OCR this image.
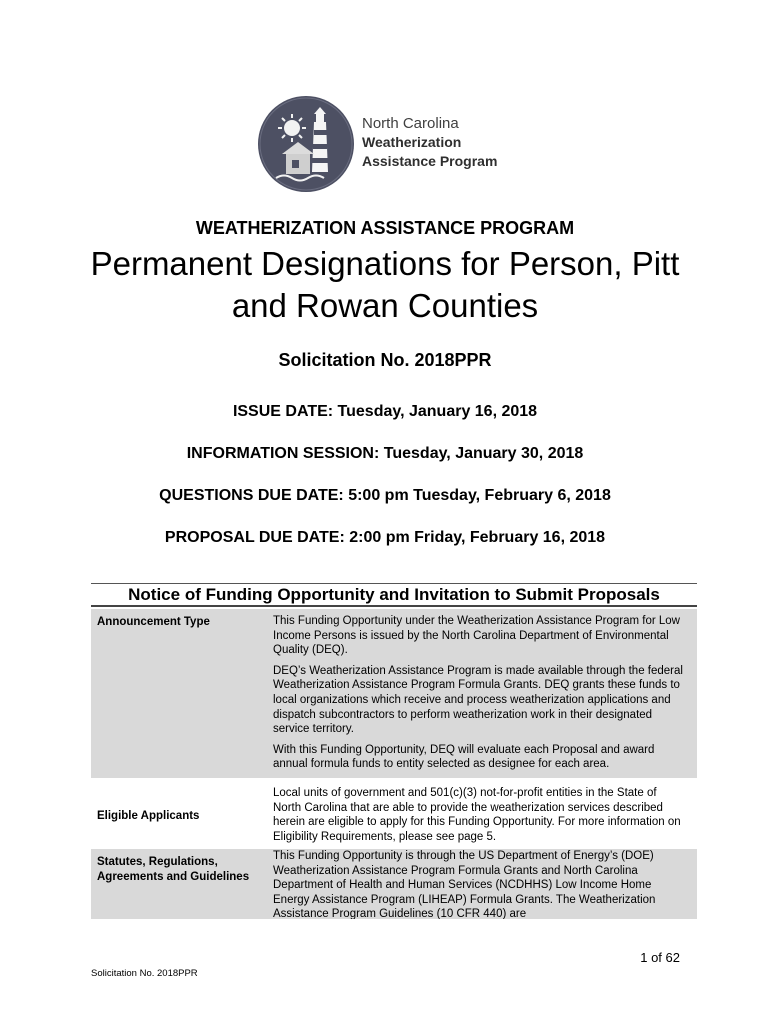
North Carolina
Weatherization
Assistance Program
WEATHERIZATION ASSISTANCE PROGRAM
Permanent Designations for Person, Pitt
and Rowan Counties
Solicitation No. 2018PPR
ISSUE DATE: Tuesday, January 16, 2018
INFORMATION SESSION: Tuesday, January 30, 2018
QUESTIONS DUE DATE: 5:00 pm Tuesday, February 6, 2018
PROPOSAL DUE DATE: 2:00 pm Friday, February 16, 2018
Notice of Funding Opportunity and Invitation to Submit Proposals
Announcement Type	This Funding Opportunity under the Weatherization Assistance Program for Low Income Persons is issued by the North Carolina Department of Environmental Quality (DEQ).

DEQ’s Weatherization Assistance Program is made available through the federal Weatherization Assistance Program Formula Grants. DEQ grants these funds to local organizations which receive and process weatherization applications and dispatch subcontractors to perform weatherization work in their designated service territory.

With this Funding Opportunity, DEQ will evaluate each Proposal and award annual formula funds to entity selected as designee for each area.

Eligible Applicants

Local units of government and 501(c)(3) not-for-profit entities in the State of North Carolina that are able to provide the weatherization services described herein are eligible to apply for this Funding Opportunity. For more information on Eligibility Requirements, please see page 5.

Statutes, Regulations, Agreements and Guidelines

This Funding Opportunity is through the US Department of Energy’s (DOE) Weatherization Assistance Program Formula Grants and North Carolina Department of Health and Human Services (NCDHHS) Low Income Home Energy Assistance Program (LIHEAP) Formula Grants. The Weatherization Assistance Program Guidelines (10 CFR 440) are

1 of 62
Solicitation No. 2018PPR
